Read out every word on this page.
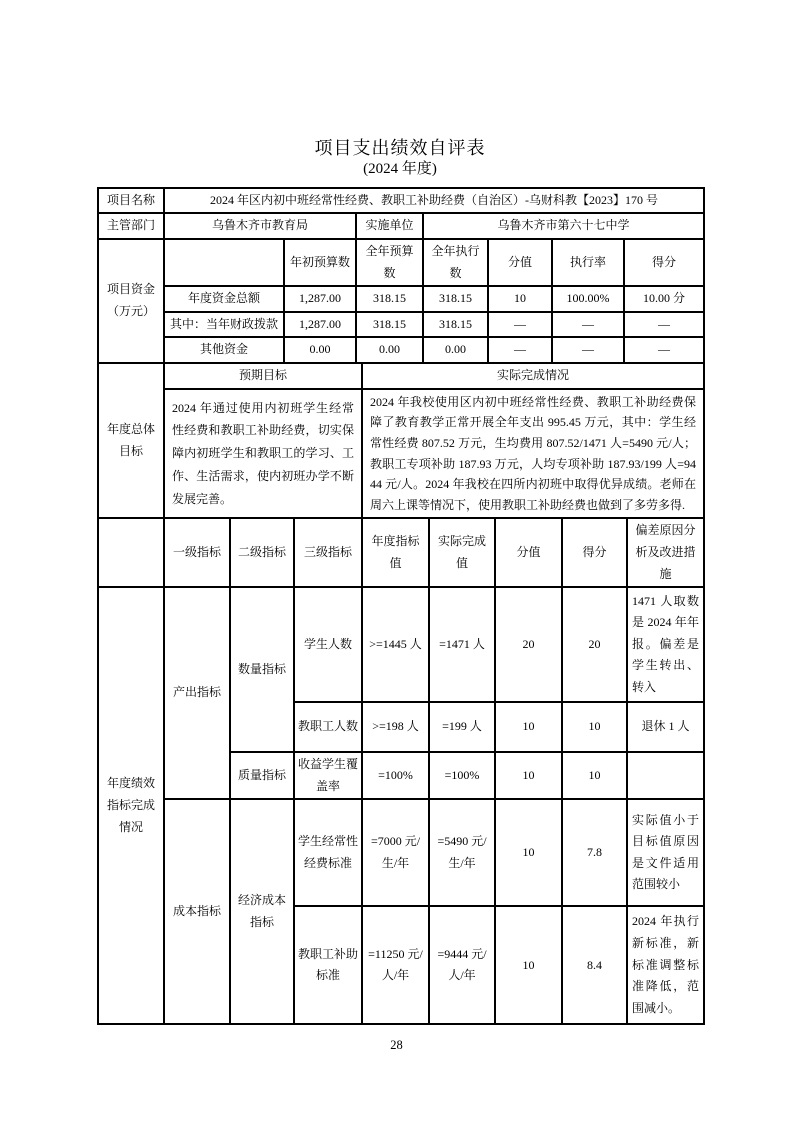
项目支出绩效自评表
(2024 年度)
项目名称	2024 年区内初中班经常性经费、教职工补助经费（自治区）-乌财科教【2023】170 号		
主管部门	乌鲁木齐市教育局	实施单位	乌鲁木齐市第六十七中学
项目资金（万元）		年初预算数	全年预算数	全年执行数	分值	执行率	得分
	年度资金总额	1,287.00	318.15	318.15	10	100.00%	10.00 分
	其中：当年财政拨款	1,287.00	318.15	318.15	—	—	—
	其他资金	0.00	0.00	0.00	—	—	—
年度总体目标	预期目标	实际完成情况
	2024 年通过使用内初班学生经常性经费和教职工补助经费，切实保障内初班学生和教职工的学习、工作、生活需求，使内初班办学不断发展完善。	2024 年我校使用区内初中班经常性经费、教职工补助经费保障了教育教学正常开展全年支出 995.45 万元，其中：学生经常性经费 807.52 万元，生均费用 807.52/1471 人=5490 元/人；教职工专项补助 187.93 万元，人均专项补助 187.93/199 人=9444 元/人。2024 年我校在四所内初班中取得优异成绩。老师在周六上课等情况下，使用教职工补助经费也做到了多劳多得.
	一级指标	二级指标	三级指标	年度指标值	实际完成值	分值	得分	偏差原因分析及改进措施
年度绩效指标完成情况	产出指标	数量指标	学生人数	>=1445 人	=1471 人	20	20	1471 人取数是 2024 年年报。偏差是学生转出、转入
			教职工人数	>=198 人	=199 人	10	10	退休 1 人
		质量指标	收益学生覆盖率	=100%	=100%	10	10	
	成本指标	经济成本指标	学生经常性经费标准	=7000 元/生/年	=5490 元/生/年	10	7.8	实际值小于目标值原因是文件适用范围较小
			教职工补助标准	=11250 元/人/年	=9444 元/人/年	10	8.4	2024 年执行新标准，新标准调整标准降低，范围减小。
28
